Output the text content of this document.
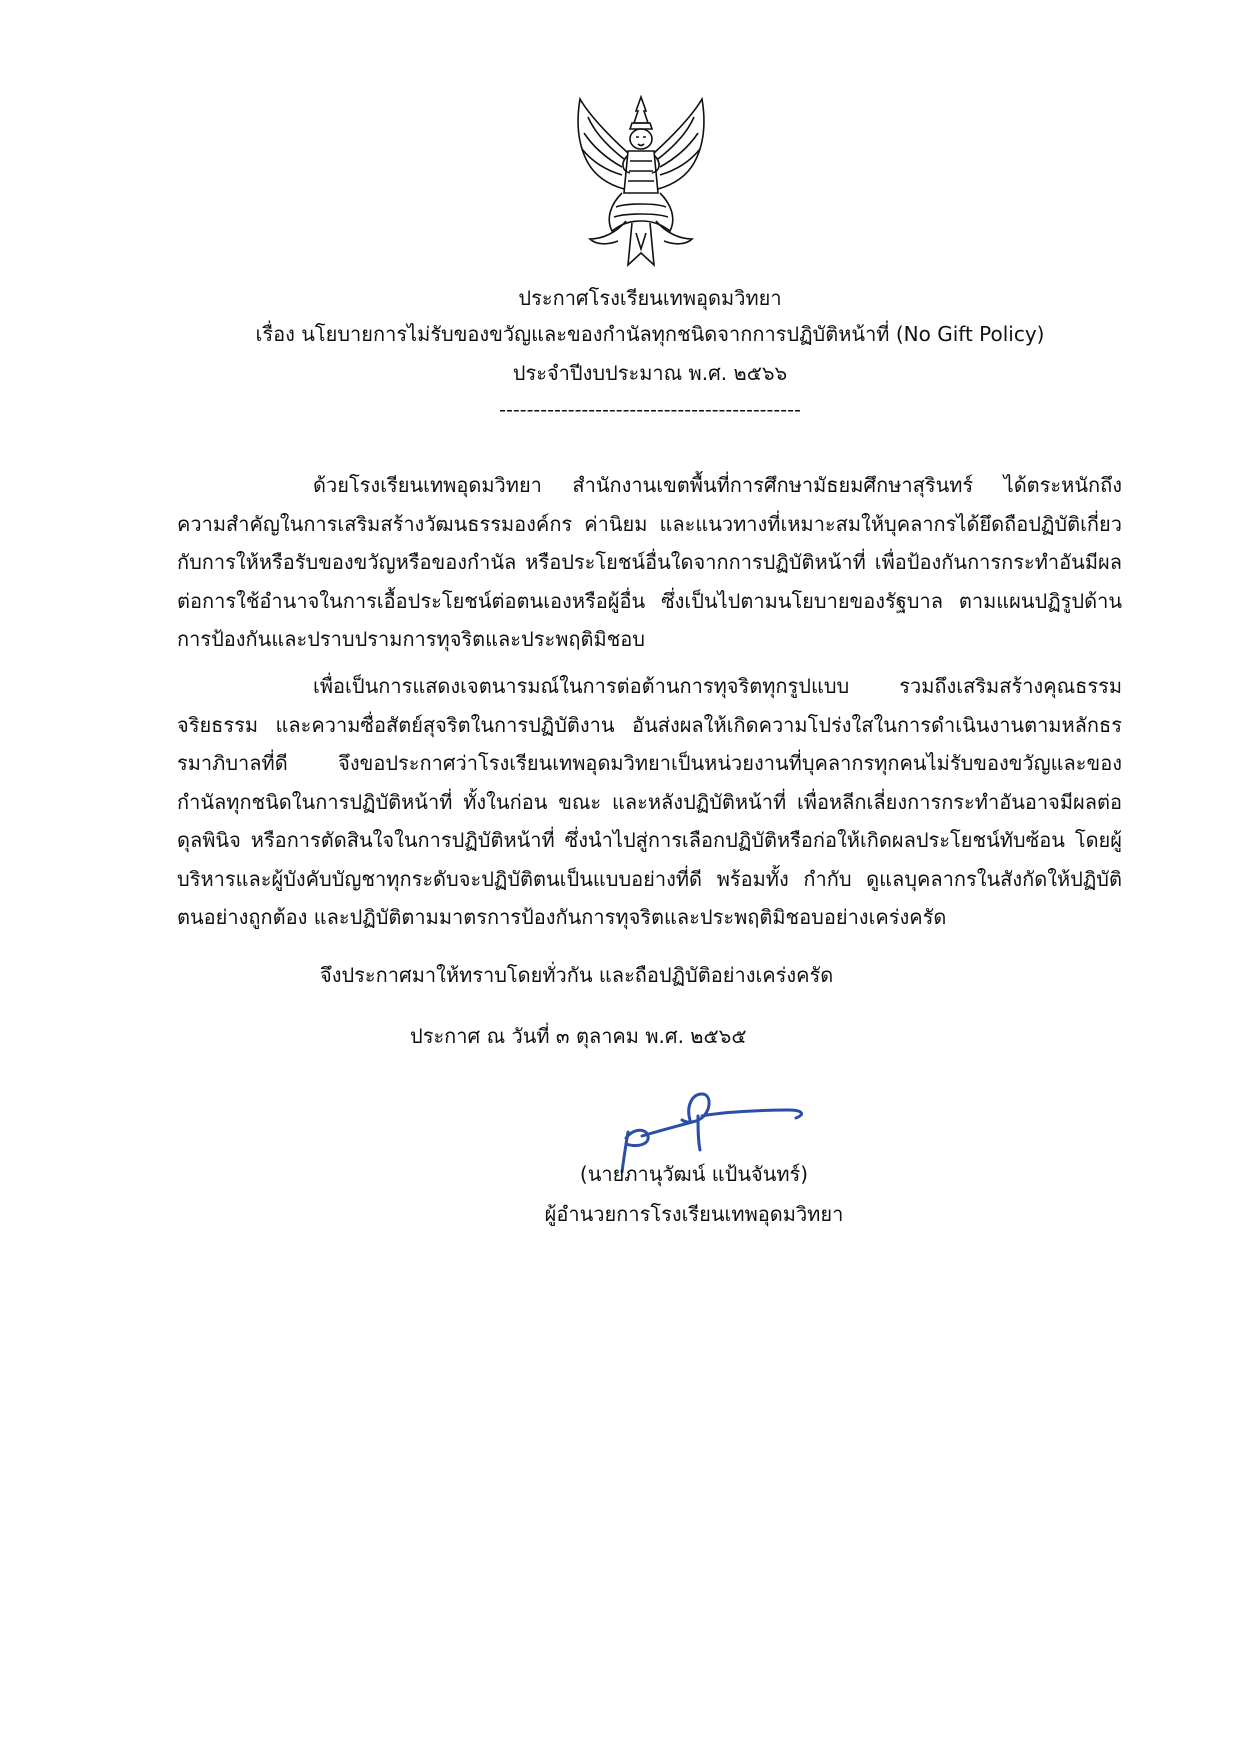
ประกาศโรงเรียนเทพอุดมวิทยา
เรื่อง นโยบายการไม่รับของขวัญและของกำนัลทุกชนิดจากการปฏิบัติหน้าที่ (No Gift Policy)
ประจำปีงบประมาณ พ.ศ. ๒๕๖๖
--------------------------------------------

ด้วยโรงเรียนเทพอุดมวิทยา สำนักงานเขตพื้นที่การศึกษามัธยมศึกษาสุรินทร์ ได้ตระหนักถึงความสำคัญในการเสริมสร้างวัฒนธรรมองค์กร ค่านิยม และแนวทางที่เหมาะสมให้บุคลากรได้ยึดถือปฏิบัติเกี่ยวกับการให้หรือรับของขวัญหรือของกำนัล หรือประโยชน์อื่นใดจากการปฏิบัติหน้าที่ เพื่อป้องกันการกระทำอันมีผลต่อการใช้อำนาจในการเอื้อประโยชน์ต่อตนเองหรือผู้อื่น ซึ่งเป็นไปตามนโยบายของรัฐบาล ตามแผนปฏิรูปด้านการป้องกันและปราบปรามการทุจริตและประพฤติมิชอบ

เพื่อเป็นการแสดงเจตนารมณ์ในการต่อต้านการทุจริตทุกรูปแบบ รวมถึงเสริมสร้างคุณธรรมจริยธรรม และความซื่อสัตย์สุจริตในการปฏิบัติงาน อันส่งผลให้เกิดความโปร่งใสในการดำเนินงานตามหลักธรรมาภิบาลที่ดี จึงขอประกาศว่าโรงเรียนเทพอุดมวิทยาเป็นหน่วยงานที่บุคลากรทุกคนไม่รับของขวัญและของกำนัลทุกชนิดในการปฏิบัติหน้าที่ ทั้งในก่อน ขณะ และหลังปฏิบัติหน้าที่ เพื่อหลีกเลี่ยงการกระทำอันอาจมีผลต่อดุลพินิจ หรือการตัดสินใจในการปฏิบัติหน้าที่ ซึ่งนำไปสู่การเลือกปฏิบัติหรือก่อให้เกิดผลประโยชน์ทับซ้อน โดยผู้บริหารและผู้บังคับบัญชาทุกระดับจะปฏิบัติตนเป็นแบบอย่างที่ดี พร้อมทั้ง กำกับ ดูแลบุคลากรในสังกัดให้ปฏิบัติตนอย่างถูกต้อง และปฏิบัติตามมาตรการป้องกันการทุจริตและประพฤติมิชอบอย่างเคร่งครัด

จึงประกาศมาให้ทราบโดยทั่วกัน และถือปฏิบัติอย่างเคร่งครัด
ประกาศ ณ วันที่ ๓ ตุลาคม พ.ศ. ๒๕๖๕
(นายภานุวัฒน์ แป้นจันทร์)
ผู้อำนวยการโรงเรียนเทพอุดมวิทยา
